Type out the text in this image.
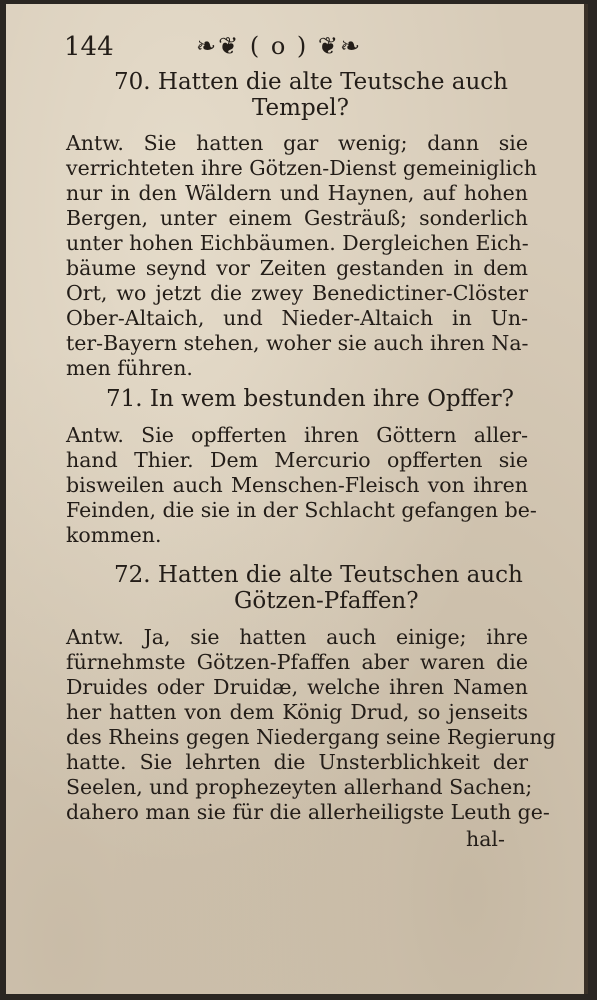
144	❧❦ ( o ) ❦❧
70. Hatten die alte Teutsche auch
Tempel?
Antw. Sie hatten gar wenig; dann sie
verrichteten ihre Götzen-Dienst gemeiniglich
nur in den Wäldern und Haynen, auf hohen
Bergen, unter einem Gesträuß; sonderlich
unter hohen Eichbäumen. Dergleichen Eich-
bäume seynd vor Zeiten gestanden in dem
Ort, wo jetzt die zwey Benedictiner-Clöster
Ober-Altaich, und Nieder-Altaich in Un-
ter-Bayern stehen, woher sie auch ihren Na-
men führen.
71. In wem bestunden ihre Opffer?
Antw. Sie opfferten ihren Göttern aller-
hand Thier. Dem Mercurio opfferten sie
bisweilen auch Menschen-Fleisch von ihren
Feinden, die sie in der Schlacht gefangen be-
kommen.
72. Hatten die alte Teutschen auch
Götzen-Pfaffen?
Antw. Ja, sie hatten auch einige; ihre
fürnehmste Götzen-Pfaffen aber waren die
Druides oder Druidæ, welche ihren Namen
her hatten von dem König Drud, so jenseits
des Rheins gegen Niedergang seine Regierung
hatte. Sie lehrten die Unsterblichkeit der
Seelen, und prophezeyten allerhand Sachen;
dahero man sie für die allerheiligste Leuth ge-
hal-
